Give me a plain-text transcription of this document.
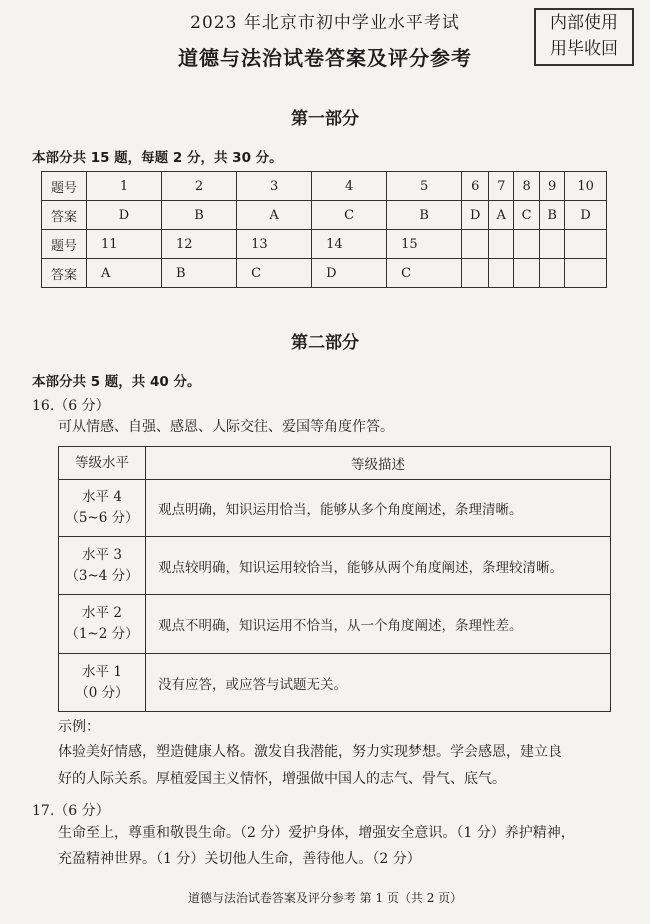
2023 年北京市初中学业水平考试	内部使用
用毕收回
道德与法治试卷答案及评分参考
第一部分
本部分共 15 题，每题 2 分，共 30 分。
题号	1	2	3	4	5	6	7	8	9	10
答案	D	B	A	C	B	D	A	C	B	D
题号	11	12	13	14	15					
答案	A	B	C	D	C					
第二部分
本部分共 5 题，共 40 分。
16.（6 分）
可从情感、自强、感恩、人际交往、爱国等角度作答。
等级水平	等级描述

水平 4
（5~6 分）	观点明确，知识运用恰当，能够从多个角度阐述，条理清晰。

水平 3
（3~4 分）	观点较明确，知识运用较恰当，能够从两个角度阐述，条理较清晰。

水平 2
（1~2 分）	观点不明确，知识运用不恰当，从一个角度阐述，条理性差。

水平 1
（0 分）	没有应答，或应答与试题无关。
示例：
体验美好情感，塑造健康人格。激发自我潜能，努力实现梦想。学会感恩，建立良
好的人际关系。厚植爱国主义情怀，增强做中国人的志气、骨气、底气。
17.（6 分）
生命至上，尊重和敬畏生命。（2 分）爱护身体，增强安全意识。（1 分）养护精神，
充盈精神世界。（1 分）关切他人生命，善待他人。（2 分）
道德与法治试卷答案及评分参考 第 1 页（共 2 页）
